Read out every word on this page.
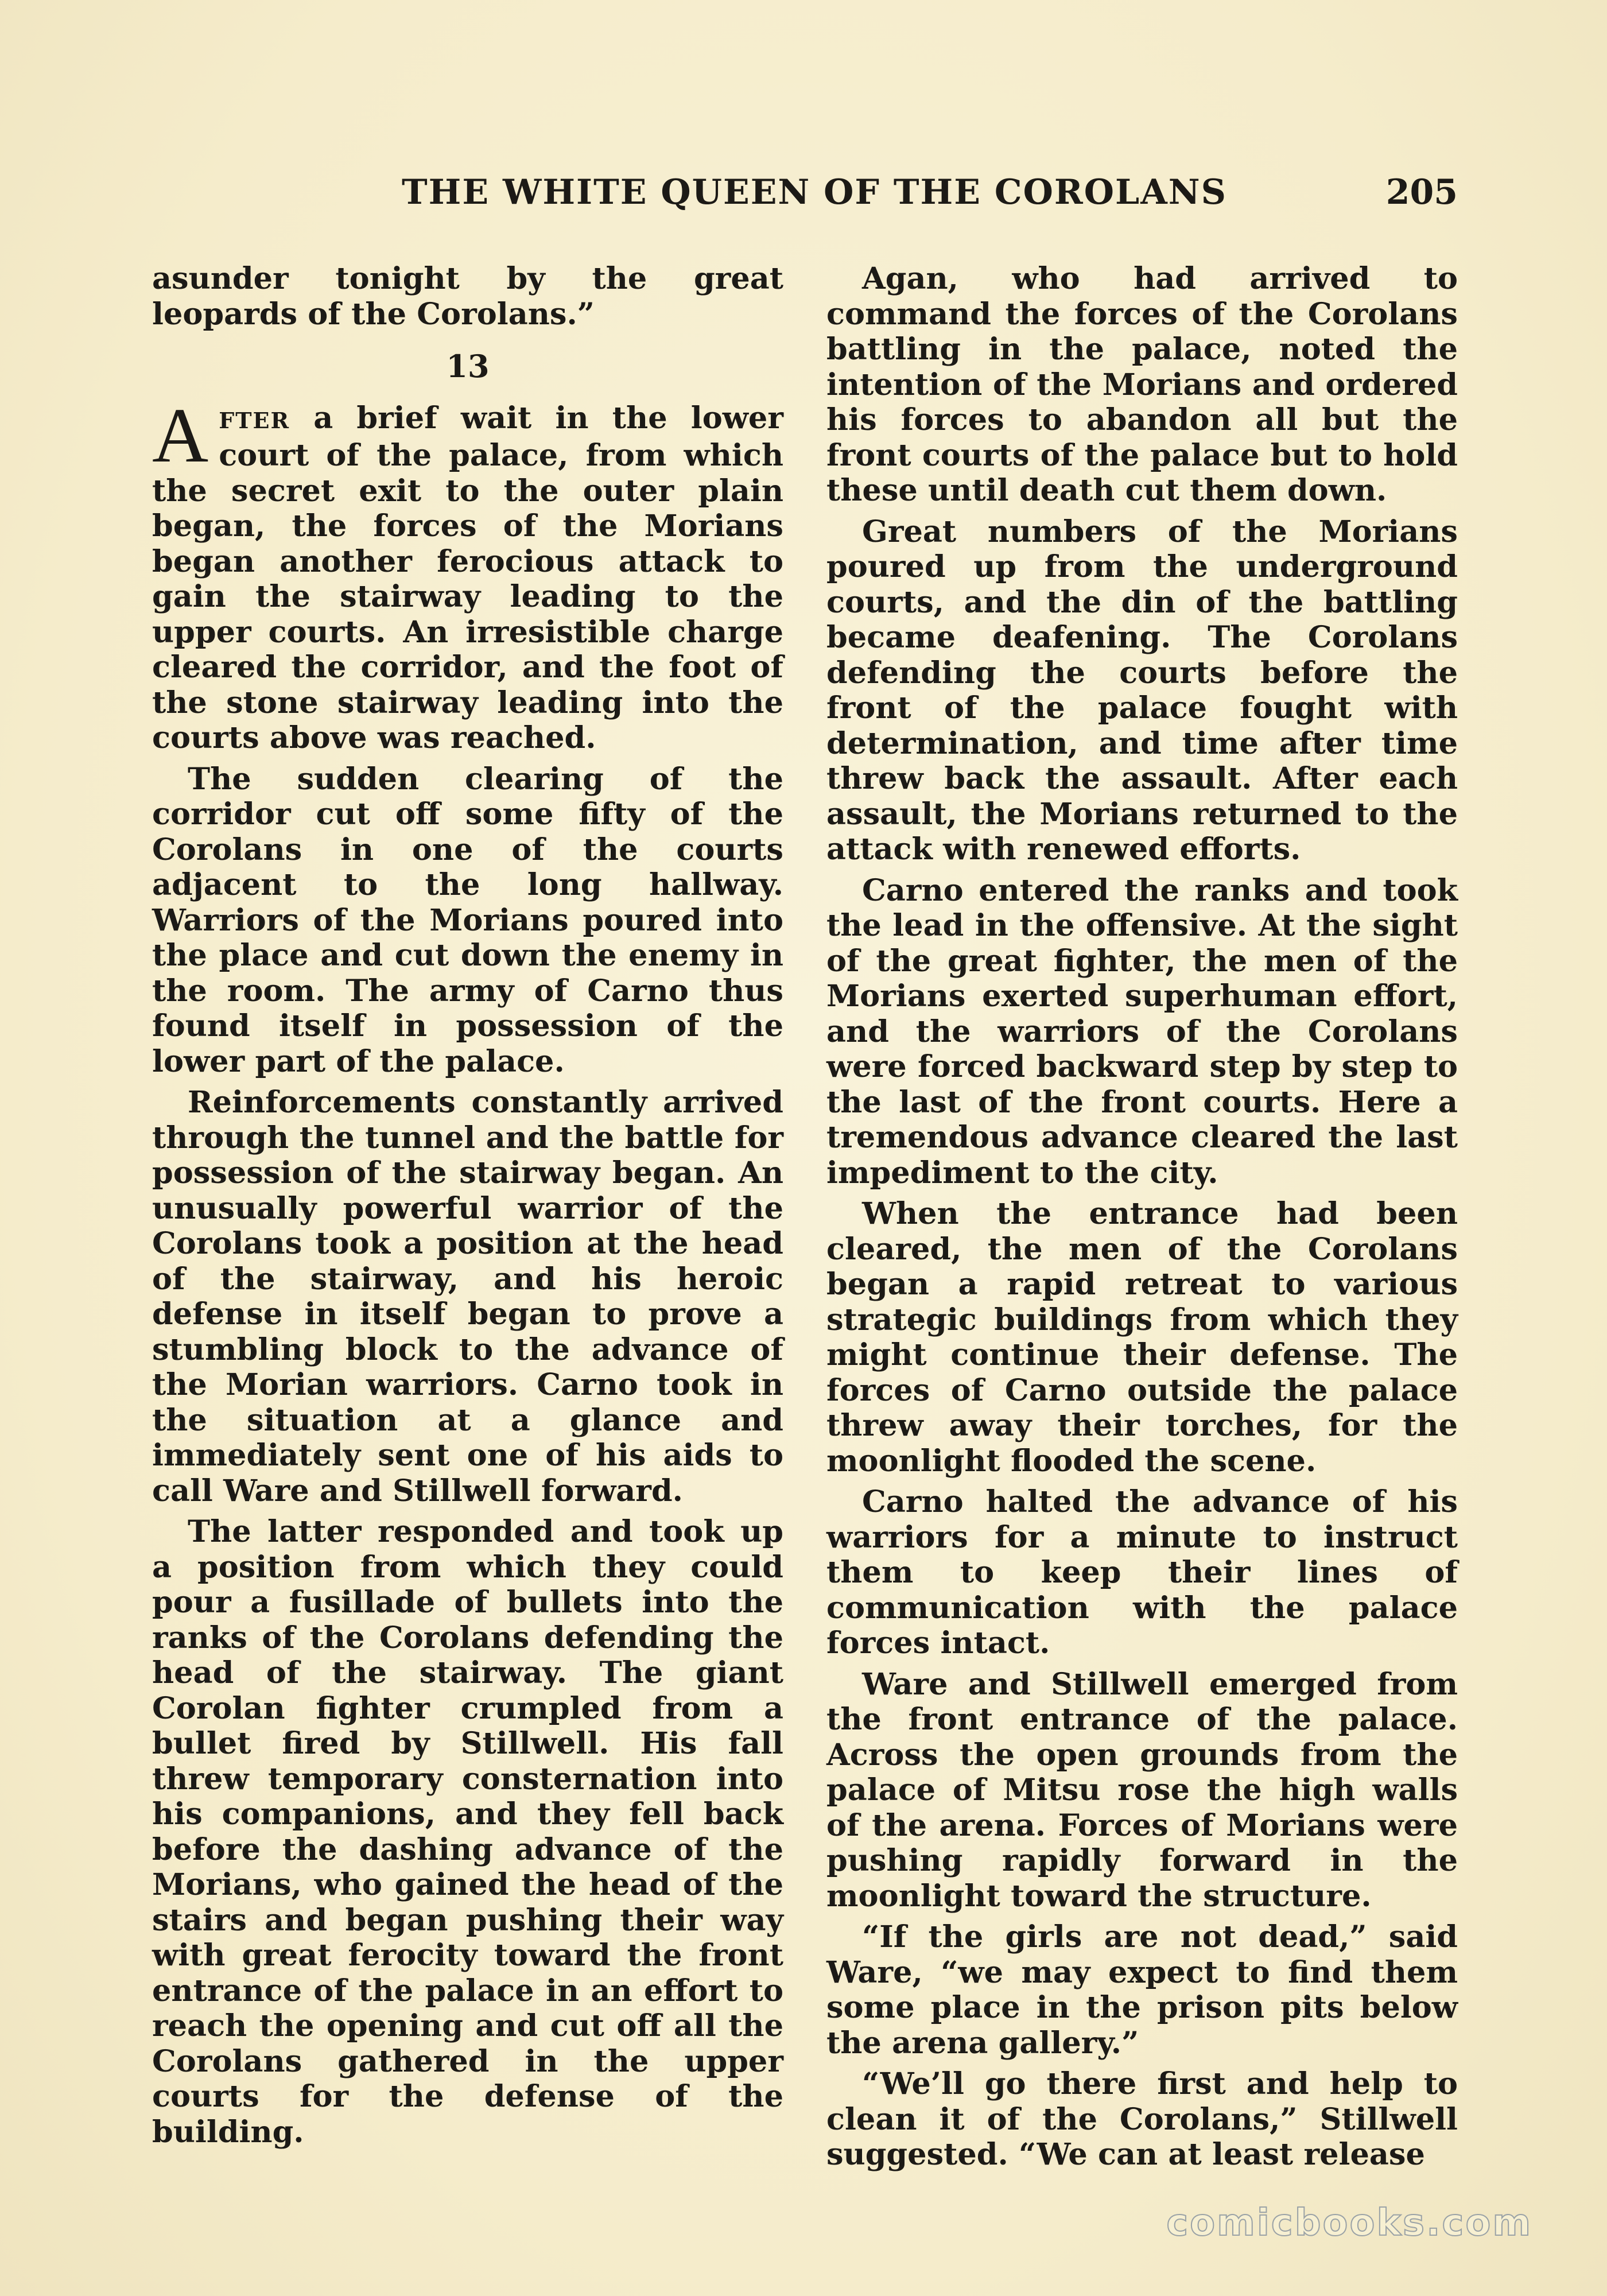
THE WHITE QUEEN OF THE COROLANS	205

asunder tonight by the great leopards of the Corolans.”

13

AFTER a brief wait in the lower court of the palace, from which the secret exit to the outer plain began, the forces of the Morians began another ferocious attack to gain the stairway leading to the upper courts. An irresistible charge cleared the corridor, and the foot of the stone stairway leading into the courts above was reached.

The sudden clearing of the corridor cut off some fifty of the Corolans in one of the courts adjacent to the long hallway. Warriors of the Morians poured into the place and cut down the enemy in the room. The army of Carno thus found itself in possession of the lower part of the palace.

Reinforcements constantly arrived through the tunnel and the battle for possession of the stairway began. An unusually powerful warrior of the Corolans took a position at the head of the stairway, and his heroic defense in itself began to prove a stumbling block to the advance of the Morian warriors. Carno took in the situation at a glance and immediately sent one of his aids to call Ware and Stillwell forward.

The latter responded and took up a position from which they could pour a fusillade of bullets into the ranks of the Corolans defending the head of the stairway. The giant Corolan fighter crumpled from a bullet fired by Stillwell. His fall threw temporary consternation into his companions, and they fell back before the dashing advance of the Morians, who gained the head of the stairs and began pushing their way with great ferocity toward the front entrance of the palace in an effort to reach the opening and cut off all the Corolans gathered in the upper courts for the defense of the building.

Agan, who had arrived to command the forces of the Corolans battling in the palace, noted the intention of the Morians and ordered his forces to abandon all but the front courts of the palace but to hold these until death cut them down.

Great numbers of the Morians poured up from the underground courts, and the din of the battling became deafening. The Corolans defending the courts before the front of the palace fought with determination, and time after time threw back the assault. After each assault, the Morians returned to the attack with renewed efforts.

Carno entered the ranks and took the lead in the offensive. At the sight of the great fighter, the men of the Morians exerted superhuman effort, and the warriors of the Corolans were forced backward step by step to the last of the front courts. Here a tremendous advance cleared the last impediment to the city.

When the entrance had been cleared, the men of the Corolans began a rapid retreat to various strategic buildings from which they might continue their defense. The forces of Carno outside the palace threw away their torches, for the moonlight flooded the scene.

Carno halted the advance of his warriors for a minute to instruct them to keep their lines of communication with the palace forces intact.

Ware and Stillwell emerged from the front entrance of the palace. Across the open grounds from the palace of Mitsu rose the high walls of the arena. Forces of Morians were pushing rapidly forward in the moonlight toward the structure.

“If the girls are not dead,” said Ware, “we may expect to find them some place in the prison pits below the arena gallery.”

“We’ll go there first and help to clean it of the Corolans,” Stillwell suggested. “We can at least release

comicbooks.com
